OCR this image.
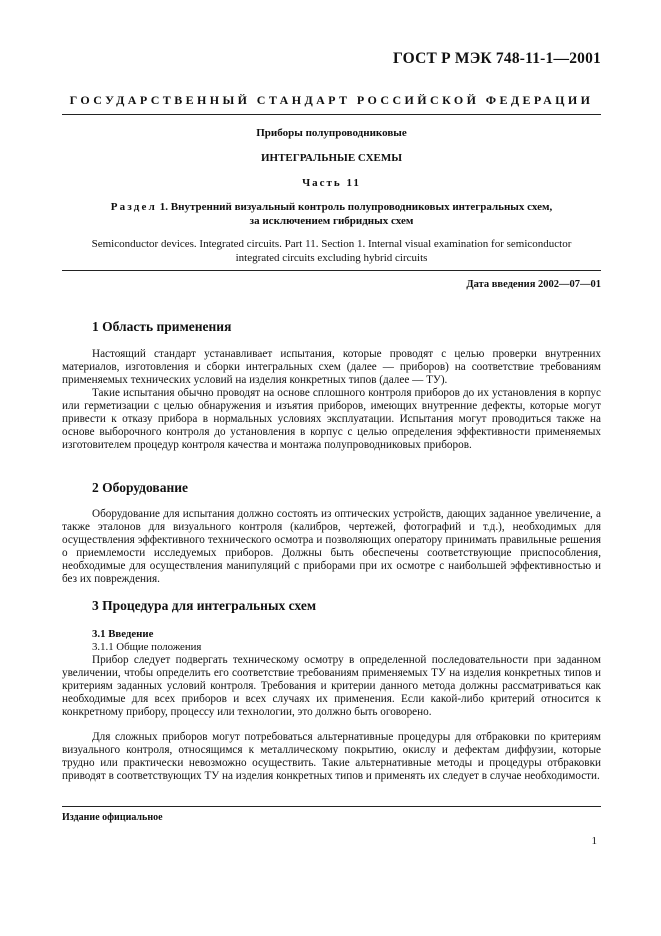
ГОСТ Р МЭК 748-11-1—2001
ГОСУДАРСТВЕННЫЙ СТАНДАРТ РОССИЙСКОЙ ФЕДЕРАЦИИ
Приборы полупроводниковые
ИНТЕГРАЛЬНЫЕ СХЕМЫ
Часть 11
Раздел 1. Внутренний визуальный контроль полупроводниковых интегральных схем,
за исключением гибридных схем
Semiconductor devices. Integrated circuits. Part 11. Section 1. Internal visual examination for semiconductor
integrated circuits excluding hybrid circuits
Дата введения 2002—07—01
1 Область применения

Настоящий стандарт устанавливает испытания, которые проводят с целью проверки внутренних материалов, изготовления и сборки интегральных схем (далее — приборов) на соответствие требованиям применяемых технических условий на изделия конкретных типов (далее — ТУ).

Такие испытания обычно проводят на основе сплошного контроля приборов до их установления в корпус или герметизации с целью обнаружения и изъятия приборов, имеющих внутренние дефекты, которые могут привести к отказу прибора в нормальных условиях эксплуатации. Испытания могут проводиться также на основе выборочного контроля до установления в корпус с целью определения эффективности применяемых изготовителем процедур контроля качества и монтажа полупроводниковых приборов.

2 Оборудование

Оборудование для испытания должно состоять из оптических устройств, дающих заданное увеличение, а также эталонов для визуального контроля (калибров, чертежей, фотографий и т.д.), необходимых для осуществления эффективного технического осмотра и позволяющих оператору принимать правильные решения о приемлемости исследуемых приборов. Должны быть обеспечены соответствующие приспособления, необходимые для осуществления манипуляций с приборами при их осмотре с наибольшей эффективностью и без их повреждения.

3 Процедура для интегральных схем

3.1 Введение

3.1.1 Общие положения

Прибор следует подвергать техническому осмотру в определенной последовательности при заданном увеличении, чтобы определить его соответствие требованиям применяемых ТУ на изделия конкретных типов и критериям заданных условий контроля. Требования и критерии данного метода должны рассматриваться как необходимые для всех приборов и всех случаях их применения. Если какой-либо критерий относится к конкретному прибору, процессу или технологии, это должно быть оговорено.

Для сложных приборов могут потребоваться альтернативные процедуры для отбраковки по критериям визуального контроля, относящимся к металлическому покрытию, окислу и дефектам диффузии, которые трудно или практически невозможно осуществить. Такие альтернативные методы и процедуры отбраковки приводят в соответствующих ТУ на изделия конкретных типов и применять их следует в случае необходимости.

Издание официальное
1
